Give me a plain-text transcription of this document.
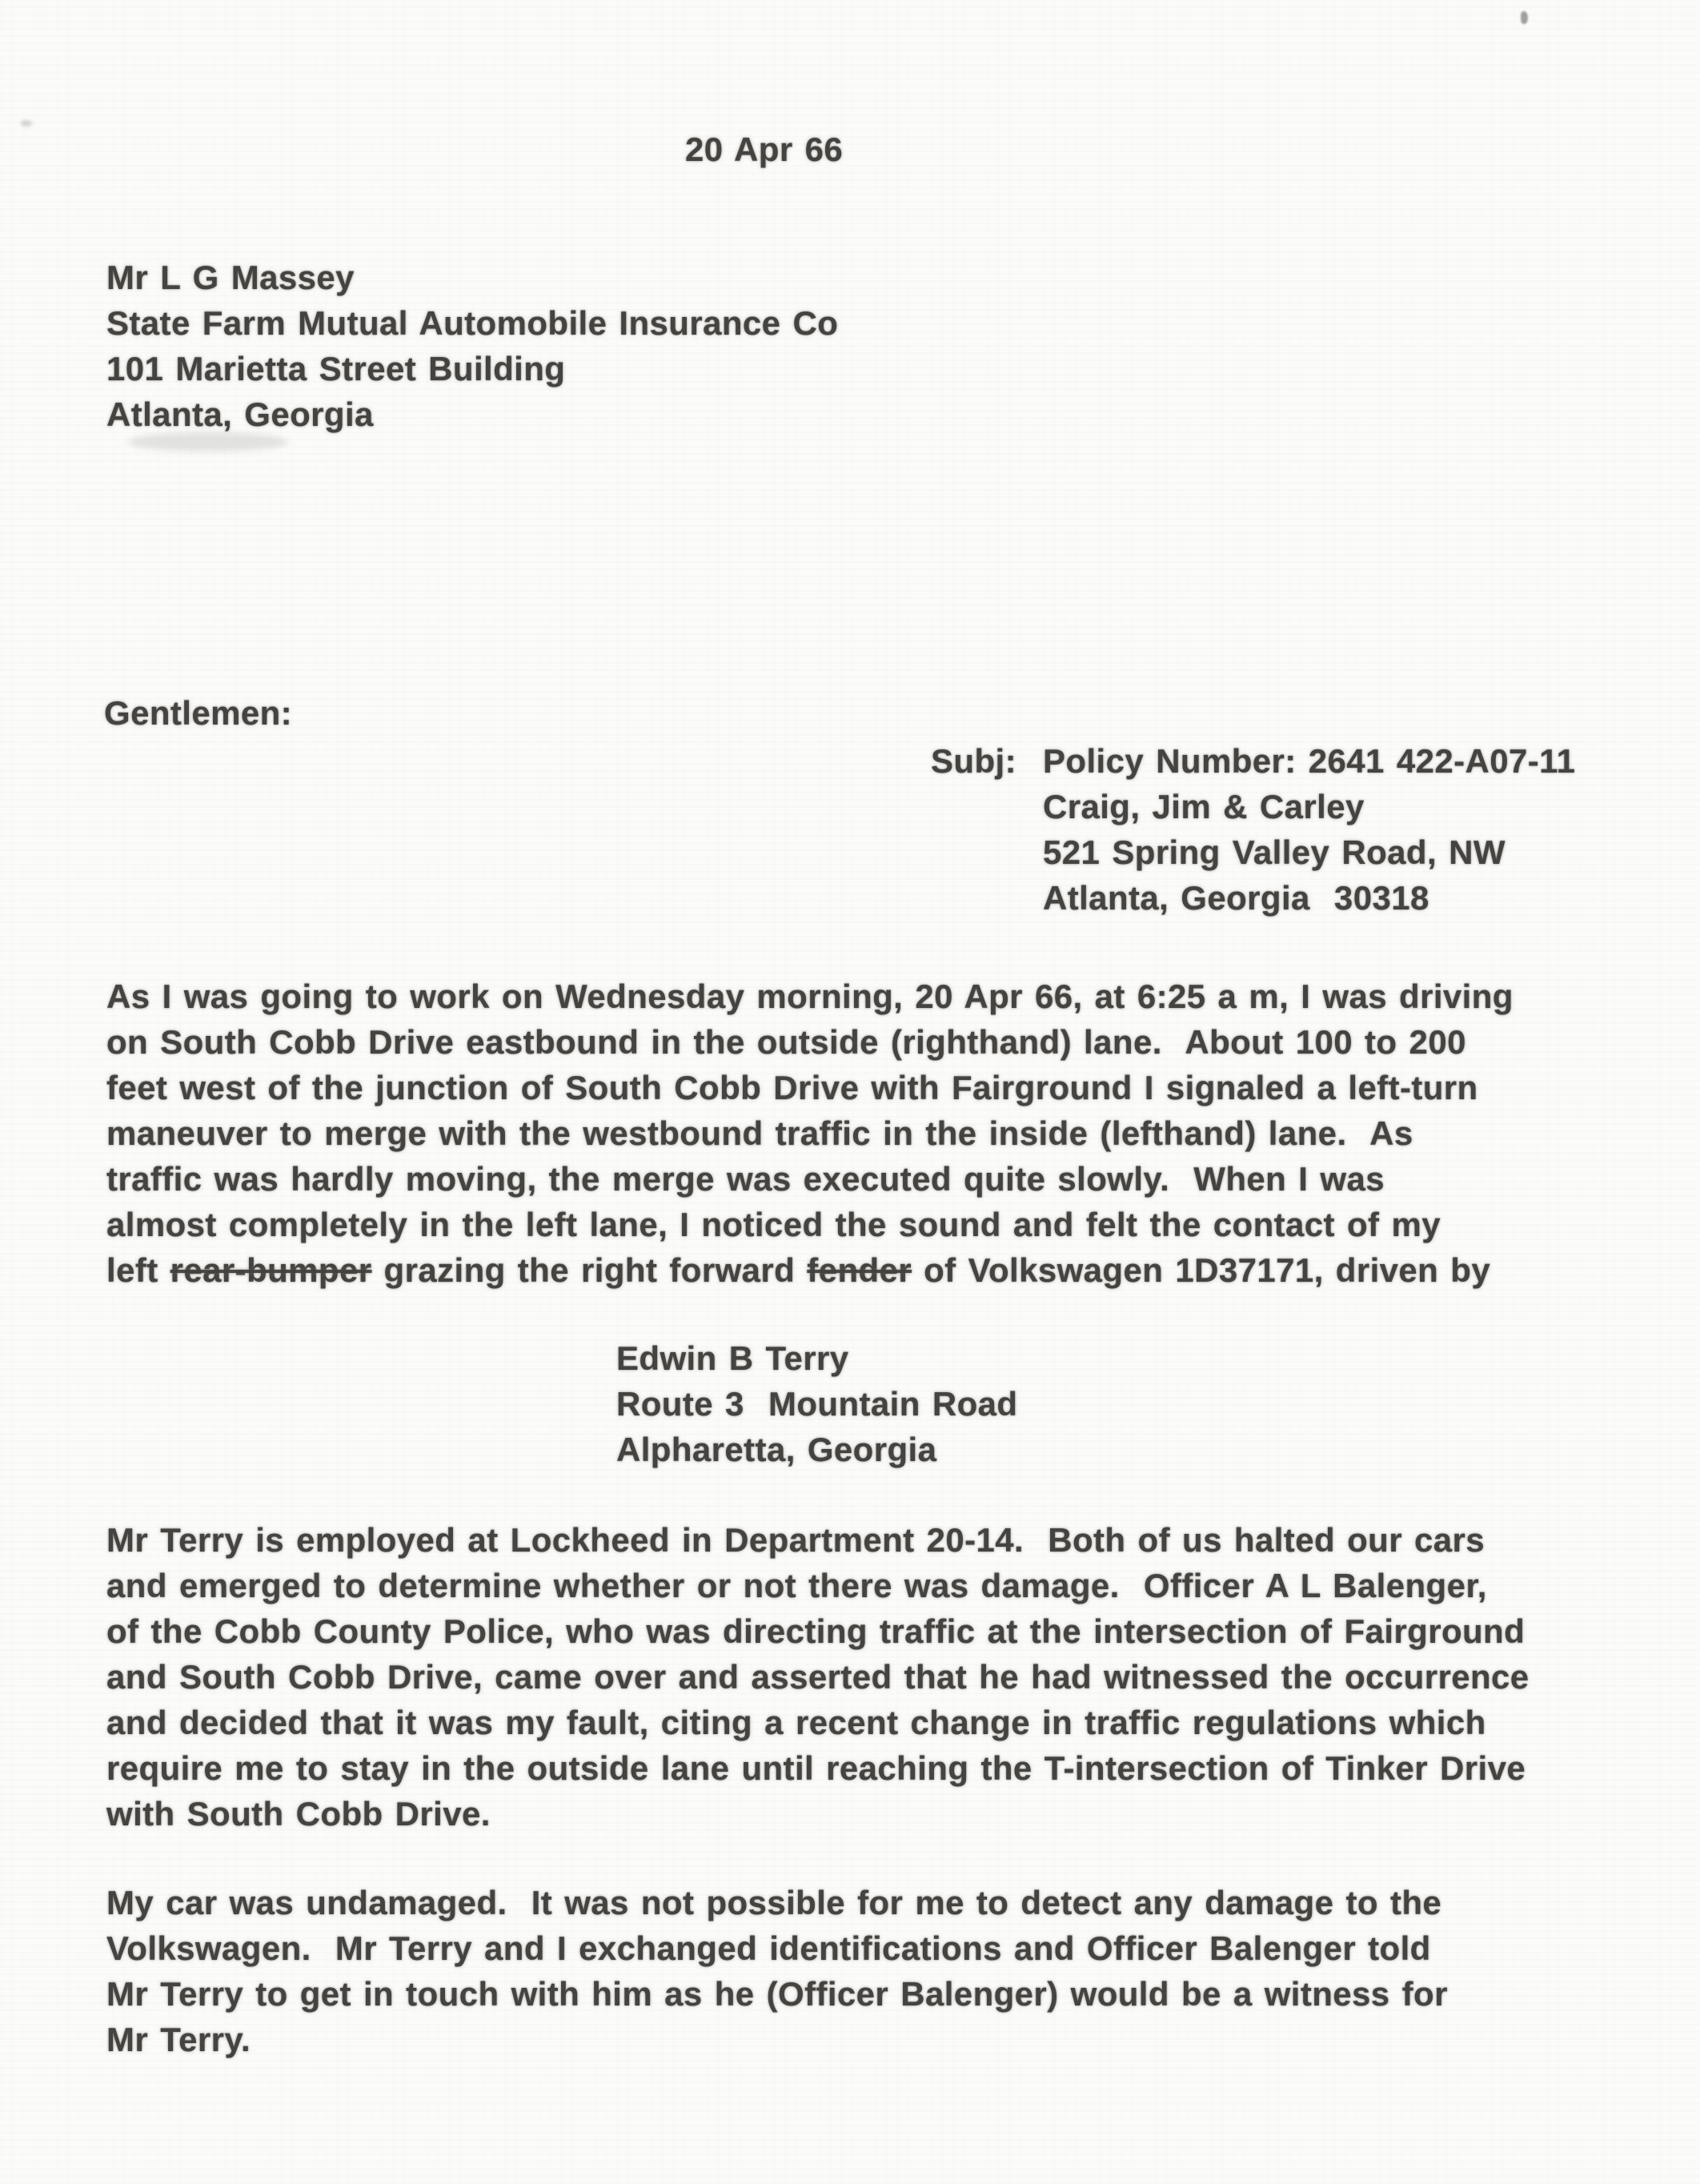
20 Apr 66
Mr L G Massey
State Farm Mutual Automobile Insurance Co
101 Marietta Street Building
Atlanta, Georgia
Gentlemen:
Subj: Policy Number: 2641 422-A07-11
Craig, Jim & Carley
521 Spring Valley Road, NW
Atlanta, Georgia  30318
As I was going to work on Wednesday morning, 20 Apr 66, at 6:25 a m, I was driving
on South Cobb Drive eastbound in the outside (righthand) lane.  About 100 to 200
feet west of the junction of South Cobb Drive with Fairground I signaled a left-turn
maneuver to merge with the westbound traffic in the inside (lefthand) lane.  As
traffic was hardly moving, the merge was executed quite slowly.  When I was
almost completely in the left lane, I noticed the sound and felt the contact of my
left rear-bumper grazing the right forward fender of Volkswagen 1D37171, driven by
Edwin B Terry
Route 3  Mountain Road
Alpharetta, Georgia
Mr Terry is employed at Lockheed in Department 20-14.  Both of us halted our cars
and emerged to determine whether or not there was damage.  Officer A L Balenger,
of the Cobb County Police, who was directing traffic at the intersection of Fairground
and South Cobb Drive, came over and asserted that he had witnessed the occurrence
and decided that it was my fault, citing a recent change in traffic regulations which
require me to stay in the outside lane until reaching the T-intersection of Tinker Drive
with South Cobb Drive.
My car was undamaged.  It was not possible for me to detect any damage to the
Volkswagen.  Mr Terry and I exchanged identifications and Officer Balenger told
Mr Terry to get in touch with him as he (Officer Balenger) would be a witness for
Mr Terry.
